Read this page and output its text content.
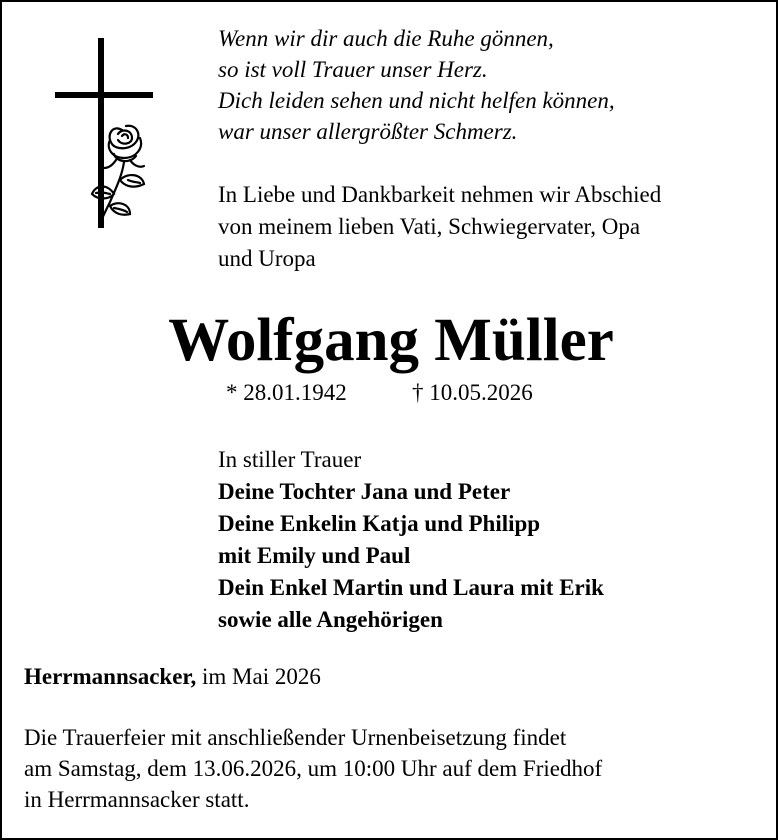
Wenn wir dir auch die Ruhe gönnen,
so ist voll Trauer unser Herz.
Dich leiden sehen und nicht helfen können,
war unser allergrößter Schmerz.
In Liebe und Dankbarkeit nehmen wir Abschied
von meinem lieben Vati, Schwiegervater, Opa
und Uropa
Wolfgang Müller
* 28.01.1942	† 10.05.2026
In stiller Trauer
Deine Tochter Jana und Peter
Deine Enkelin Katja und Philipp
mit Emily und Paul
Dein Enkel Martin und Laura mit Erik
sowie alle Angehörigen
Herrmannsacker, im Mai 2026
Die Trauerfeier mit anschließender Urnenbeisetzung findet
am Samstag, dem 13.06.2026, um 10:00 Uhr auf dem Friedhof
in Herrmannsacker statt.
